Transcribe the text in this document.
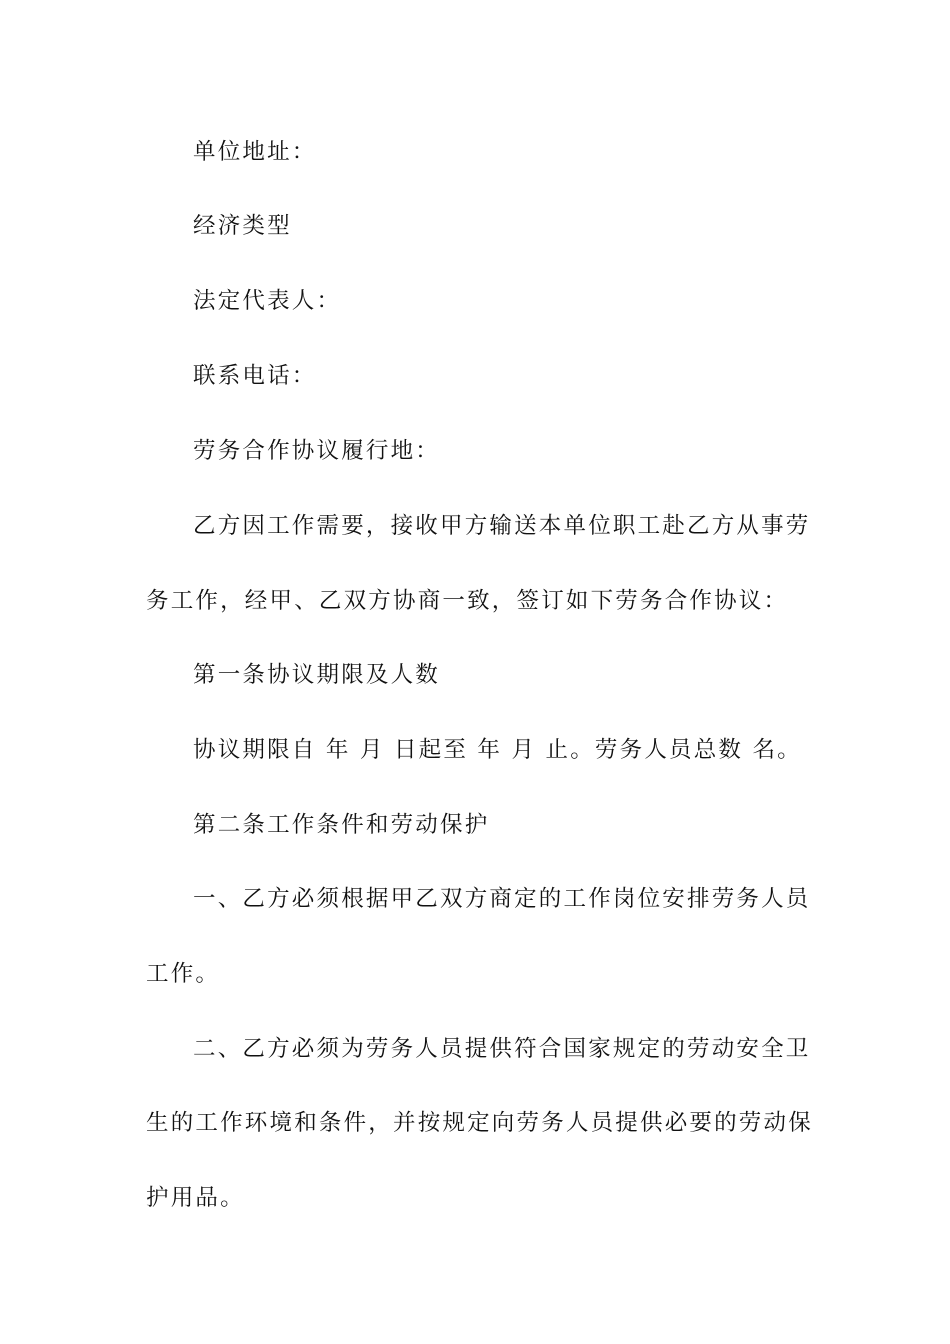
单位地址：
经济类型
法定代表人：
联系电话：
劳务合作协议履行地：
乙方因工作需要，接收甲方输送本单位职工赴乙方从事劳
务工作，经甲、乙双方协商一致，签订如下劳务合作协议：
第一条协议期限及人数
协议期限自 年 月 日起至 年 月 止。劳务人员总数 名。
第二条工作条件和劳动保护
一、乙方必须根据甲乙双方商定的工作岗位安排劳务人员
工作。
二、乙方必须为劳务人员提供符合国家规定的劳动安全卫
生的工作环境和条件，并按规定向劳务人员提供必要的劳动保
护用品。
